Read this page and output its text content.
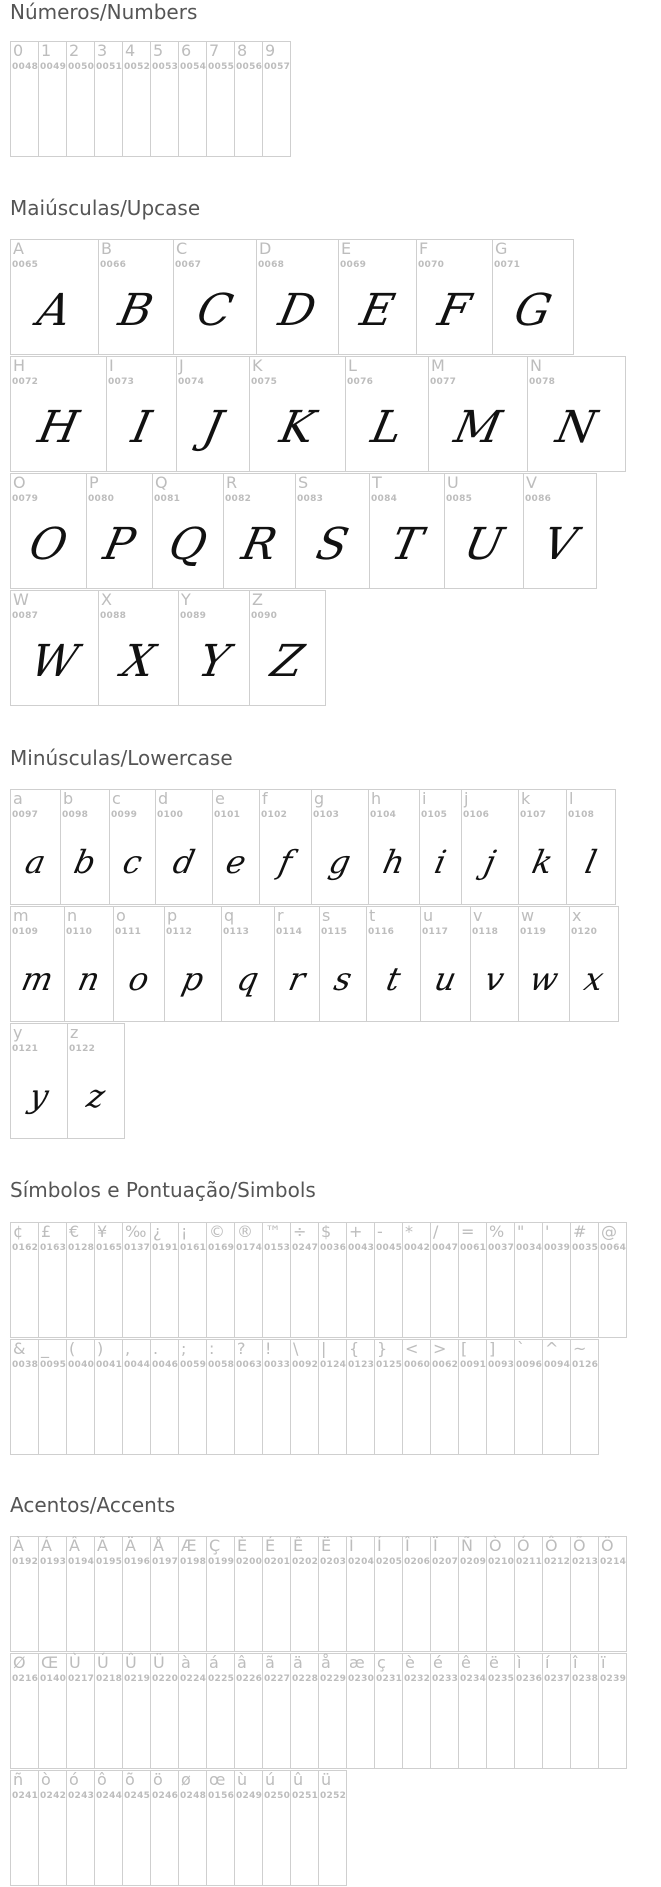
Números/Numbers
0
0048
1
0049
2
0050
3
0051
4
0052
5
0053
6
0054
7
0055
8
0056
9
0057
Maiúsculas/Upcase
A
0065
A
B
0066
B
C
0067
C
D
0068
D
E
0069
E
F
0070
F
G
0071
G
H
0072
H
I
0073
I
J
0074
J
K
0075
K
L
0076
L
M
0077
M
N
0078
N
O
0079
O
P
0080
P
Q
0081
Q
R
0082
R
S
0083
S
T
0084
T
U
0085
U
V
0086
V
W
0087
W
X
0088
X
Y
0089
Y
Z
0090
Z
Minúsculas/Lowercase
a
0097
a
b
0098
b
c
0099
c
d
0100
d
e
0101
e
f
0102
f
g
0103
g
h
0104
h
i
0105
i
j
0106
j
k
0107
k
l
0108
l
m
0109
m
n
0110
n
o
0111
o
p
0112
p
q
0113
q
r
0114
r
s
0115
s
t
0116
t
u
0117
u
v
0118
v
w
0119
w
x
0120
x
y
0121
y
z
0122
z
Símbolos e Pontuação/Simbols
¢
0162
£
0163
€
0128
¥
0165
‰
0137
¿
0191
¡
0161
©
0169
®
0174
™
0153
÷
0247
$
0036
+
0043
-
0045
*
0042
/
0047
=
0061
%
0037
"
0034
'
0039
#
0035
@
0064
&
0038
_
0095
(
0040
)
0041
,
0044
.
0046
;
0059
:
0058
?
0063
!
0033
\
0092
|
0124
{
0123
}
0125
<
0060
>
0062
[
0091
]
0093
`
0096
^
0094
~
0126
Acentos/Accents
À
0192
Á
0193
Â
0194
Ã
0195
Ä
0196
Å
0197
Æ
0198
Ç
0199
È
0200
É
0201
Ê
0202
Ë
0203
Ì
0204
Í
0205
Î
0206
Ï
0207
Ñ
0209
Ò
0210
Ó
0211
Ô
0212
Õ
0213
Ö
0214
Ø
0216
Œ
0140
Ù
0217
Ú
0218
Û
0219
Ü
0220
à
0224
á
0225
â
0226
ã
0227
ä
0228
å
0229
æ
0230
ç
0231
è
0232
é
0233
ê
0234
ë
0235
ì
0236
í
0237
î
0238
ï
0239
ñ
0241
ò
0242
ó
0243
ô
0244
õ
0245
ö
0246
ø
0248
œ
0156
ù
0249
ú
0250
û
0251
ü
0252
